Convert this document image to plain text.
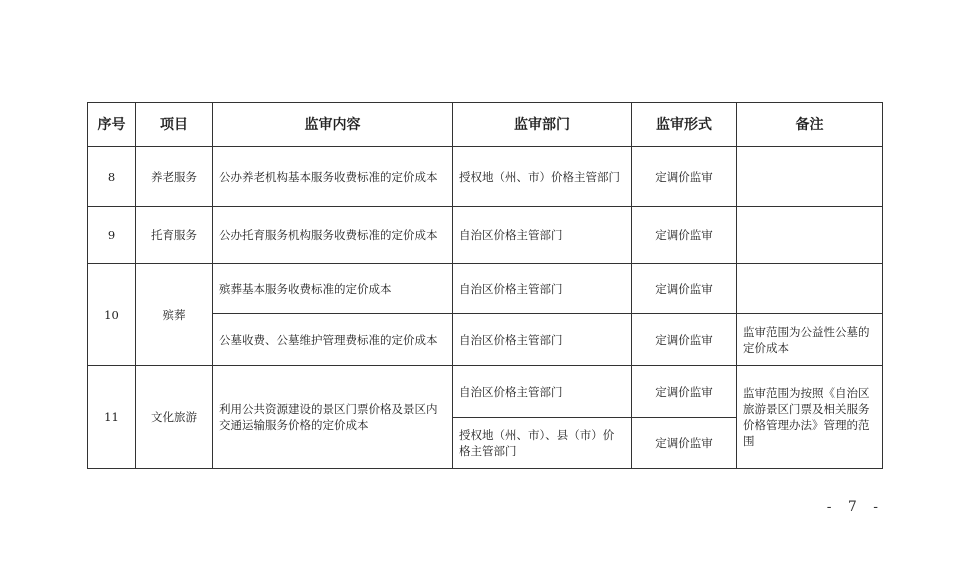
序号	项目	监审内容	监审部门	监审形式	备注
8	养老服务	公办养老机构基本服务收费标准的定价成本	授权地（州、市）价格主管部门	定调价监审	
9	托育服务	公办托育服务机构服务收费标准的定价成本	自治区价格主管部门	定调价监审	
10	殡葬	殡葬基本服务收费标准的定价成本	自治区价格主管部门	定调价监审	
		公墓收费、公墓维护管理费标准的定价成本	自治区价格主管部门	定调价监审	监审范围为公益性公墓的定价成本
11	文化旅游	利用公共资源建设的景区门票价格及景区内交通运输服务价格的定价成本	自治区价格主管部门	定调价监审	监审范围为按照《自治区旅游景区门票及相关服务价格管理办法》管理的范围
			授权地（州、市）、县（市）价格主管部门	定调价监审	
- 7 -
